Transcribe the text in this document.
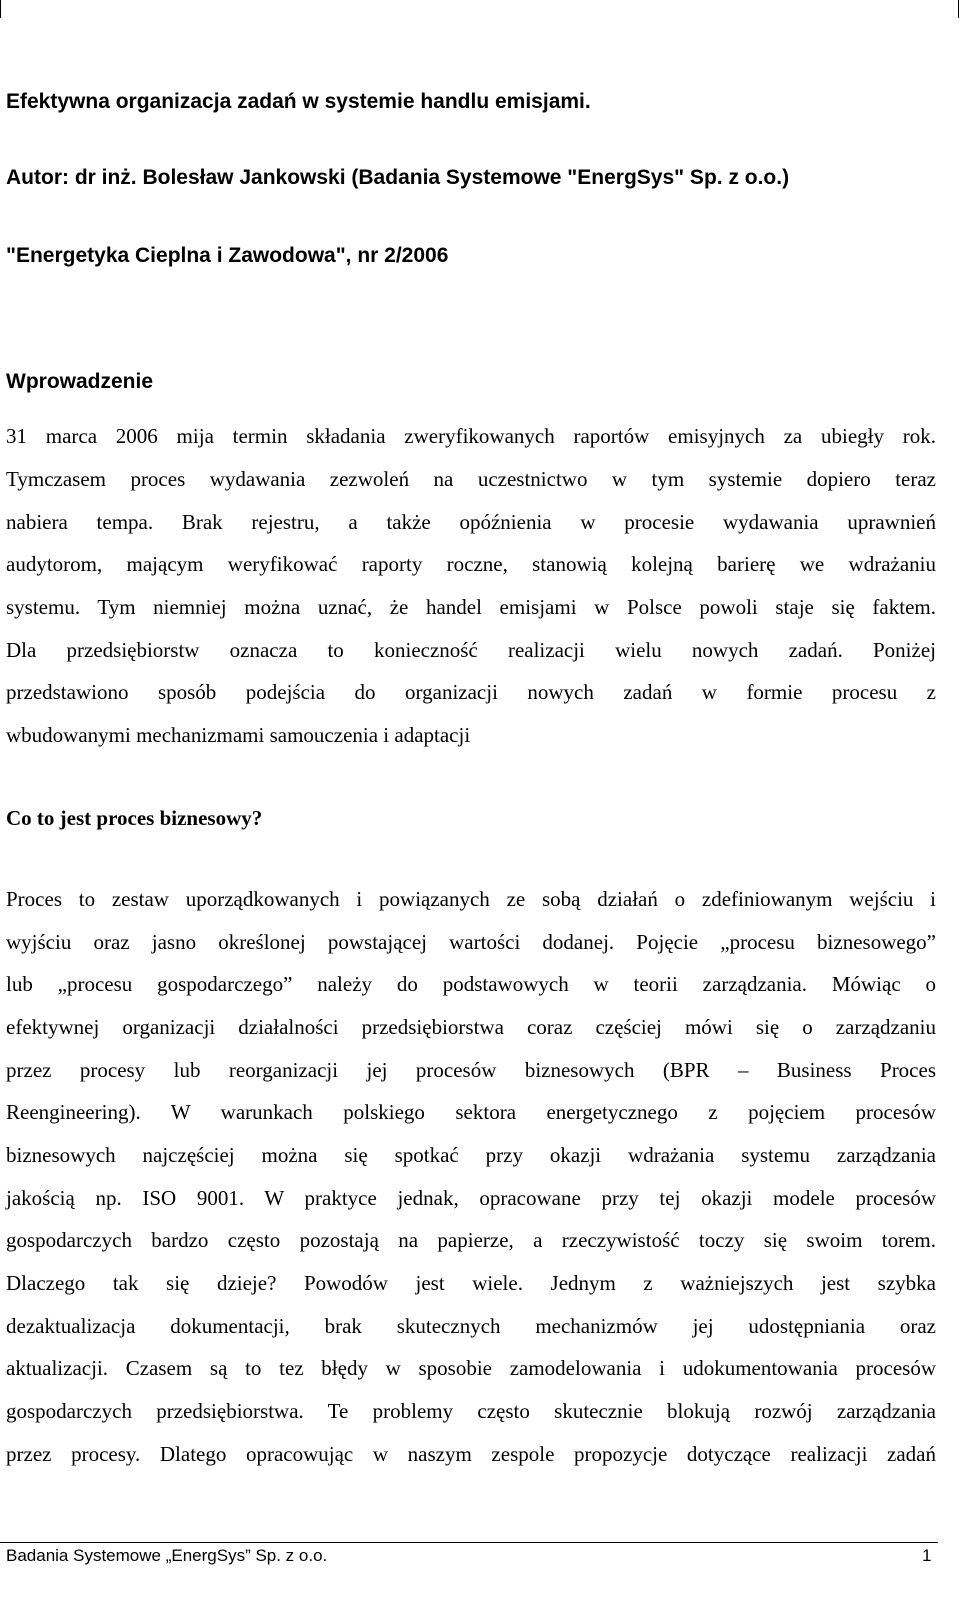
Efektywna organizacja zadań w systemie handlu emisjami.
Autor: dr inż. Bolesław Jankowski (Badania Systemowe "EnergSys" Sp. z o.o.)
"Energetyka Cieplna i Zawodowa", nr 2/2006
Wprowadzenie
31 marca 2006 mija termin składania zweryfikowanych raportów emisyjnych za ubiegły rok.
Tymczasem proces wydawania zezwoleń na uczestnictwo w tym systemie dopiero teraz
nabiera tempa. Brak rejestru, a także opóźnienia w procesie wydawania uprawnień
audytorom, mającym weryfikować raporty roczne, stanowią kolejną barierę we wdrażaniu
systemu. Tym niemniej można uznać, że handel emisjami w Polsce powoli staje się faktem.
Dla przedsiębiorstw oznacza to konieczność realizacji wielu nowych zadań. Poniżej
przedstawiono sposób podejścia do organizacji nowych zadań w formie procesu z
wbudowanymi mechanizmami samouczenia i adaptacji
Co to jest proces biznesowy?
Proces to zestaw uporządkowanych i powiązanych ze sobą działań o zdefiniowanym wejściu i
wyjściu oraz jasno określonej powstającej wartości dodanej. Pojęcie „procesu biznesowego”
lub „procesu gospodarczego” należy do podstawowych w teorii zarządzania. Mówiąc o
efektywnej organizacji działalności przedsiębiorstwa coraz częściej mówi się o zarządzaniu
przez procesy lub reorganizacji jej procesów biznesowych (BPR – Business Proces
Reengineering). W warunkach polskiego sektora energetycznego z pojęciem procesów
biznesowych najczęściej można się spotkać przy okazji wdrażania systemu zarządzania
jakością np. ISO 9001. W praktyce jednak, opracowane przy tej okazji modele procesów
gospodarczych bardzo często pozostają na papierze, a rzeczywistość toczy się swoim torem.
Dlaczego tak się dzieje? Powodów jest wiele. Jednym z ważniejszych jest szybka
dezaktualizacja dokumentacji, brak skutecznych mechanizmów jej udostępniania oraz
aktualizacji. Czasem są to tez błędy w sposobie zamodelowania i udokumentowania procesów
gospodarczych przedsiębiorstwa. Te problemy często skutecznie blokują rozwój zarządzania
przez procesy. Dlatego opracowując w naszym zespole propozycje dotyczące realizacji zadań
Badania Systemowe „EnergSys” Sp. z o.o.	1
